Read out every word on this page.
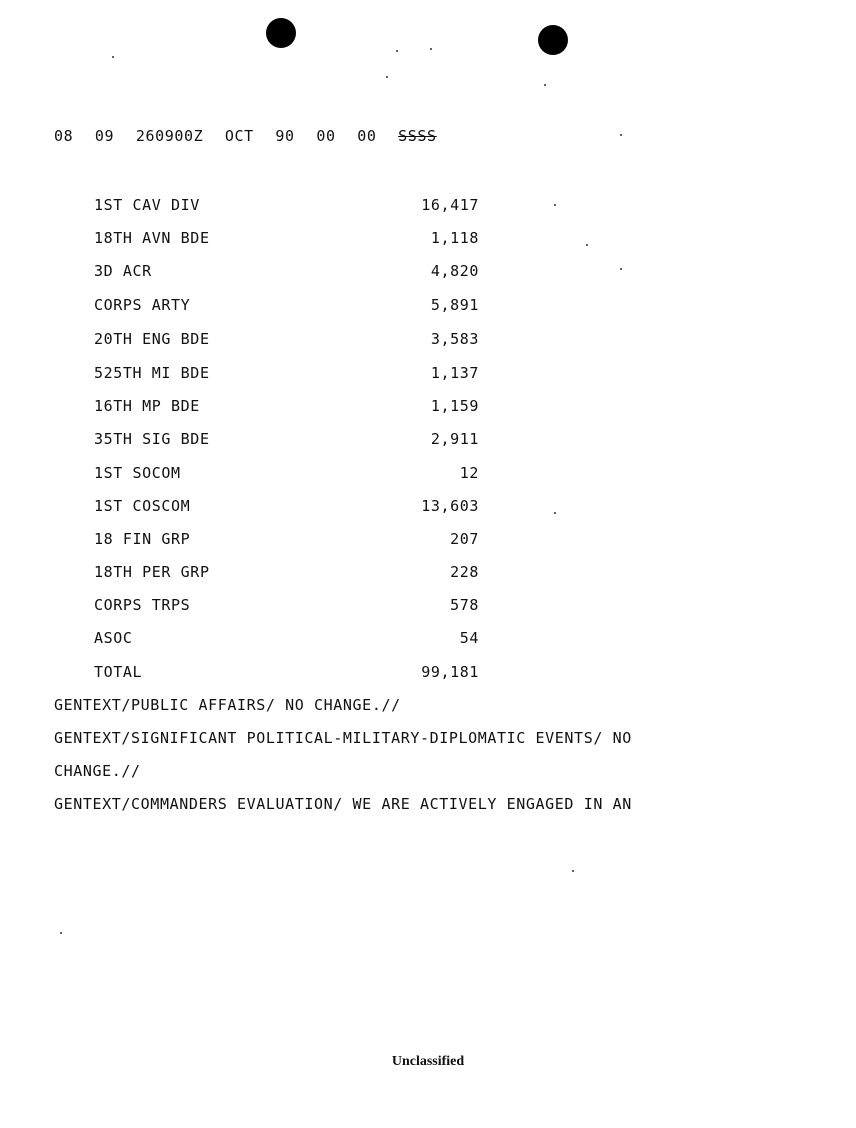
08 09 260900Z OCT 90 00 00 SSSS
1ST CAV DIV	16,417
18TH AVN BDE	1,118
3D ACR	4,820
CORPS ARTY	5,891
20TH ENG BDE	3,583
525TH MI BDE	1,137
16TH MP BDE	1,159
35TH SIG BDE	2,911
1ST SOCOM	12
1ST COSCOM	13,603
18 FIN GRP	207
18TH PER GRP	228
CORPS TRPS	578
ASOC	54
TOTAL	99,181
GENTEXT/PUBLIC AFFAIRS/ NO CHANGE.//
GENTEXT/SIGNIFICANT POLITICAL-MILITARY-DIPLOMATIC EVENTS/ NO
CHANGE.//
GENTEXT/COMMANDERS EVALUATION/ WE ARE ACTIVELY ENGAGED IN AN
Unclassified
